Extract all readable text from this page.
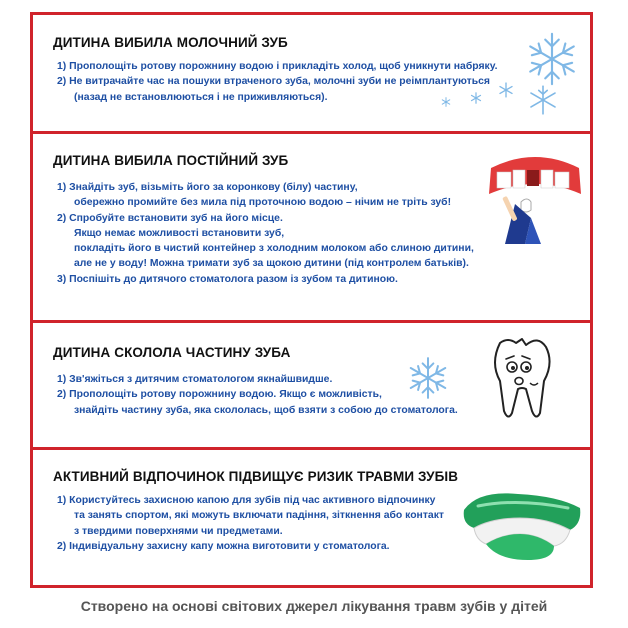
ДИТИНА ВИБИЛА МОЛОЧНИЙ ЗУБ
1) Прополощіть ротову порожнину водою і прикладіть холод, щоб уникнути набряку.
2) Не витрачайте час на пошуки втраченого зуба, молочні зуби не реімплантуються
(назад не встановлюються і не приживляються).
ДИТИНА ВИБИЛА ПОСТІЙНИЙ ЗУБ
1) Знайдіть зуб, візьміть його за коронкову (білу) частину,
обережно промийте без мила під проточною водою – нічим не тріть зуб!
2) Спробуйте встановити зуб на його місце.
Якщо немає можливості встановити зуб,
покладіть його в чистий контейнер з холодним молоком або слиною дитини,
але не у воду! Можна тримати зуб за щокою дитини (під контролем батьків).
3) Поспішіть до дитячого стоматолога разом із зубом та дитиною.
ДИТИНА СКОЛОЛА ЧАСТИНУ ЗУБА
1) Зв'яжіться з дитячим стоматологом якнайшвидше.
2) Прополощіть ротову порожнину водою. Якщо є можливість,
знайдіть частину зуба, яка скололась, щоб взяти з собою до стоматолога.
АКТИВНИЙ ВІДПОЧИНОК ПІДВИЩУЄ РИЗИК ТРАВМИ ЗУБІВ
1) Користуйтесь захисною капою для зубів під час активного відпочинку
та занять спортом, які можуть включати падіння, зіткнення або контакт
з твердими поверхнями чи предметами.
2) Індивідуальну захисну капу можна виготовити у стоматолога.
Створено на основі світових джерел лікування травм зубів у дітей
